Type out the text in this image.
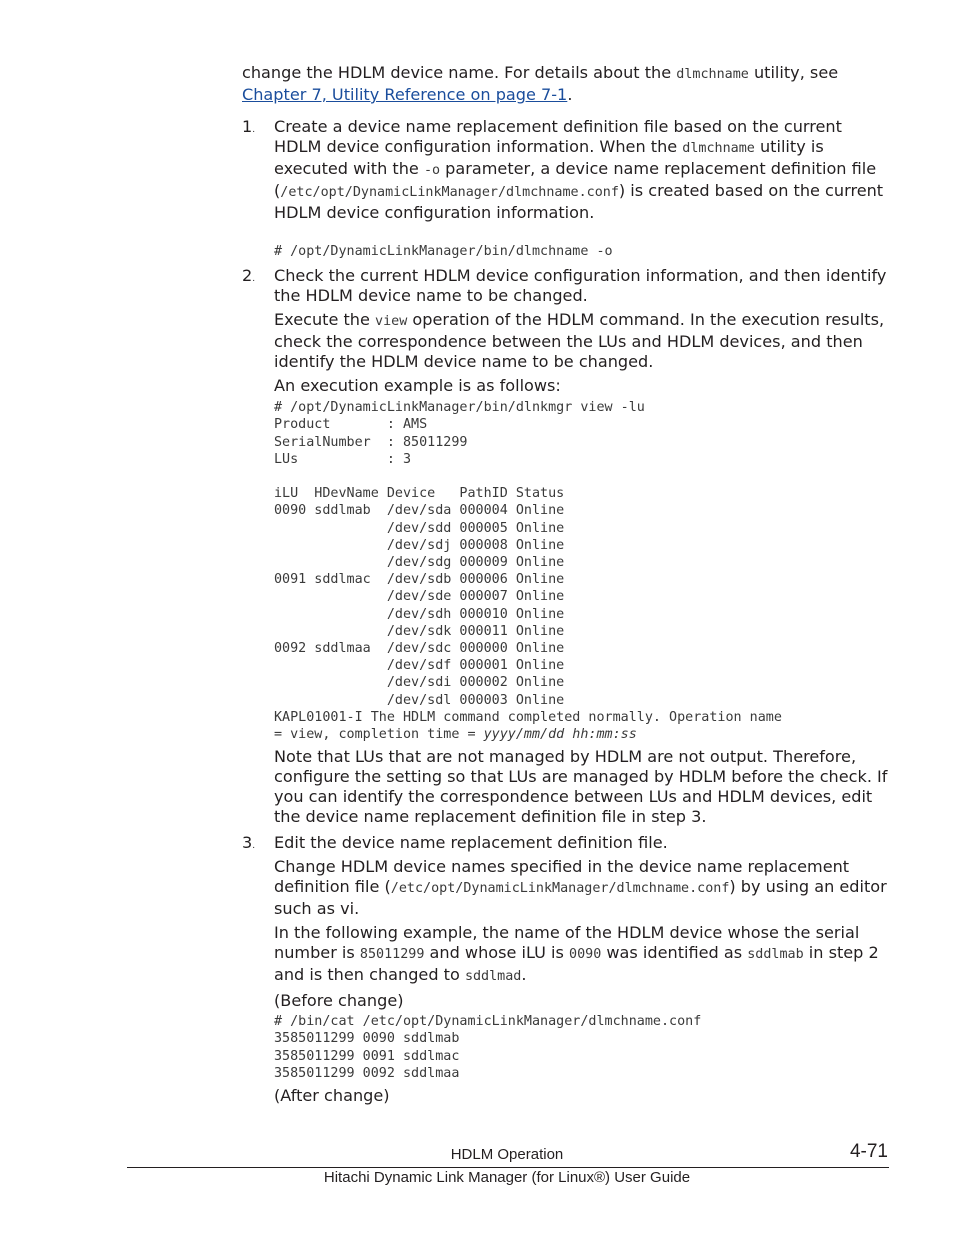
change the HDLM device name. For details about the dlmchname utility, see
Chapter 7, Utility Reference on page 7-1.

1. Create a device name replacement definition file based on the current HDLM device configuration information. When the dlmchname utility is executed with the -o parameter, a device name replacement definition file (/etc/opt/DynamicLinkManager/dlmchname.conf) is created based on the current HDLM device configuration information.

# /opt/DynamicLinkManager/bin/dlmchname -o
2. Check the current HDLM device configuration information, and then identify the HDLM device name to be changed.

Execute the view operation of the HDLM command. In the execution results, check the correspondence between the LUs and HDLM devices, and then identify the HDLM device name to be changed.

An execution example is as follows:

# /opt/DynamicLinkManager/bin/dlnkmgr view -lu
Product       : AMS
SerialNumber  : 85011299
LUs           : 3

iLU  HDevName Device   PathID Status
0090 sddlmab  /dev/sda 000004 Online
/dev/sdd 000005 Online
/dev/sdj 000008 Online
/dev/sdg 000009 Online
0091 sddlmac  /dev/sdb 000006 Online
/dev/sde 000007 Online
/dev/sdh 000010 Online
/dev/sdk 000011 Online
0092 sddlmaa  /dev/sdc 000000 Online
/dev/sdf 000001 Online
/dev/sdi 000002 Online
/dev/sdl 000003 Online
KAPL01001-I The HDLM command completed normally. Operation name
= view, completion time = yyyy/mm/dd hh:mm:ss

Note that LUs that are not managed by HDLM are not output. Therefore, configure the setting so that LUs are managed by HDLM before the check. If you can identify the correspondence between LUs and HDLM devices, edit the device name replacement definition file in step 3.

3. Edit the device name replacement definition file.

Change HDLM device names specified in the device name replacement definition file (/etc/opt/DynamicLinkManager/dlmchname.conf) by using an editor such as vi.

In the following example, the name of the HDLM device whose the serial number is 85011299 and whose iLU is 0090 was identified as sddlmab in step 2 and is then changed to sddlmad.

(Before change)

# /bin/cat /etc/opt/DynamicLinkManager/dlmchname.conf
3585011299 0090 sddlmab
3585011299 0091 sddlmac
3585011299 0092 sddlmaa

(After change)

HDLM Operation	4-71
Hitachi Dynamic Link Manager (for Linux®) User Guide
